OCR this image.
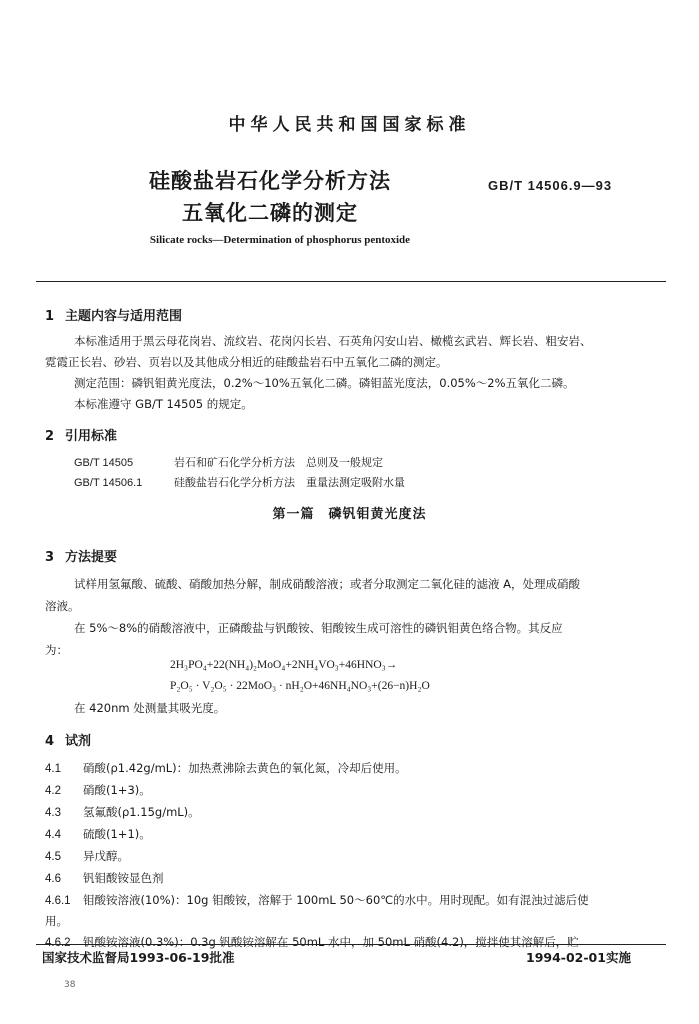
中华人民共和国国家标准
硅酸盐岩石化学分析方法
五氧化二磷的测定
GB/T 14506.9—93
Silicate rocks—Determination of phosphorus pentoxide
1 主题内容与适用范围
本标准适用于黑云母花岗岩、流纹岩、花岗闪长岩、石英角闪安山岩、橄榄玄武岩、辉长岩、粗安岩、
霓霞正长岩、砂岩、页岩以及其他成分相近的硅酸盐岩石中五氧化二磷的测定。
测定范围：磷钒钼黄光度法，0.2%～10%五氧化二磷。磷钼蓝光度法，0.05%～2%五氧化二磷。
本标准遵守 GB/T 14505 的规定。
2 引用标准
GB/T 14505	岩石和矿石化学分析方法　总则及一般规定
GB/T 14506.1	硅酸盐岩石化学分析方法　重量法测定吸附水量
第一篇　磷钒钼黄光度法
3 方法提要
试样用氢氟酸、硫酸、硝酸加热分解，制成硝酸溶液；或者分取测定二氧化硅的滤液 A，处理成硝酸
溶液。
在 5%～8%的硝酸溶液中，正磷酸盐与钒酸铵、钼酸铵生成可溶性的磷钒钼黄色络合物。其反应
为：
2H₃PO₄+22(NH₄)₂MoO₄+2NH₄VO₃+46HNO₃→
P₂O₅ · V₂O₅ · 22MoO₃ · nH₂O+46NH₄NO₃+(26−n)H₂O
在 420nm 处测量其吸光度。
4 试剂
4.1 硝酸(ρ1.42g/mL)：加热煮沸除去黄色的氧化氮，冷却后使用。
4.2 硝酸(1+3)。
4.3 氢氟酸(ρ1.15g/mL)。
4.4 硫酸(1+1)。
4.5 异戊醇。
4.6 钒钼酸铵显色剂
4.6.1 钼酸铵溶液(10%)：10g 钼酸铵，溶解于 100mL 50～60℃的水中。用时现配。如有混浊过滤后使
用。
4.6.2 钒酸铵溶液(0.3%)：0.3g 钒酸铵溶解在 50mL 水中，加 50mL 硝酸(4.2)，搅拌使其溶解后，贮
国家技术监督局1993-06-19批准	1994-02-01实施
38
